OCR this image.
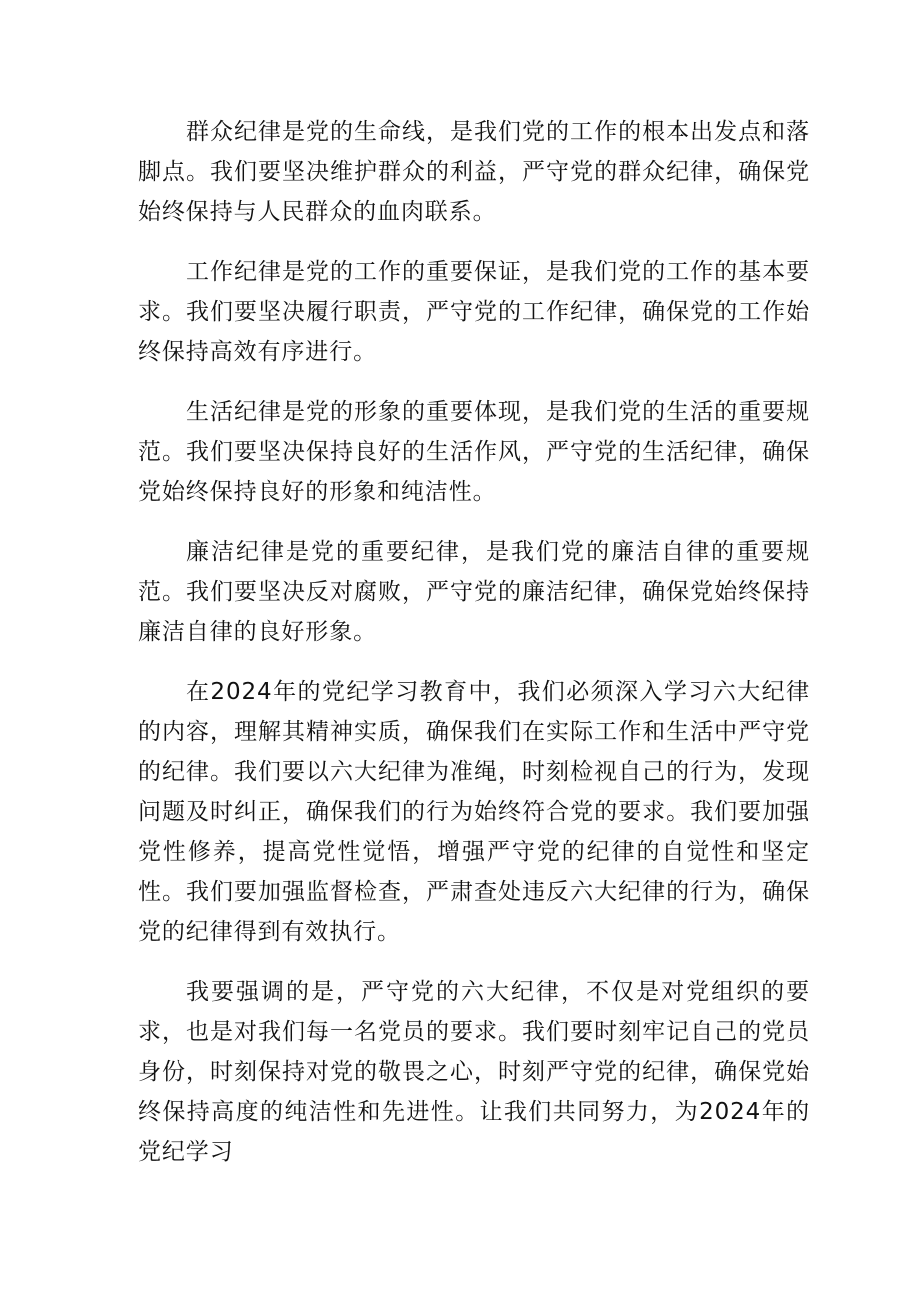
群众纪律是党的生命线，是我们党的工作的根本出发点和落脚点。我们要坚决维护群众的利益，严守党的群众纪律，确保党始终保持与人民群众的血肉联系。

工作纪律是党的工作的重要保证，是我们党的工作的基本要求。我们要坚决履行职责，严守党的工作纪律，确保党的工作始终保持高效有序进行。

生活纪律是党的形象的重要体现，是我们党的生活的重要规范。我们要坚决保持良好的生活作风，严守党的生活纪律，确保党始终保持良好的形象和纯洁性。

廉洁纪律是党的重要纪律，是我们党的廉洁自律的重要规范。我们要坚决反对腐败，严守党的廉洁纪律，确保党始终保持廉洁自律的良好形象。

在2024年的党纪学习教育中，我们必须深入学习六大纪律的内容，理解其精神实质，确保我们在实际工作和生活中严守党的纪律。我们要以六大纪律为准绳，时刻检视自己的行为，发现问题及时纠正，确保我们的行为始终符合党的要求。我们要加强党性修养，提高党性觉悟，增强严守党的纪律的自觉性和坚定性。我们要加强监督检查，严肃查处违反六大纪律的行为，确保党的纪律得到有效执行。

我要强调的是，严守党的六大纪律，不仅是对党组织的要求，也是对我们每一名党员的要求。我们要时刻牢记自己的党员身份，时刻保持对党的敬畏之心，时刻严守党的纪律，确保党始终保持高度的纯洁性和先进性。让我们共同努力，为2024年的党纪学习
